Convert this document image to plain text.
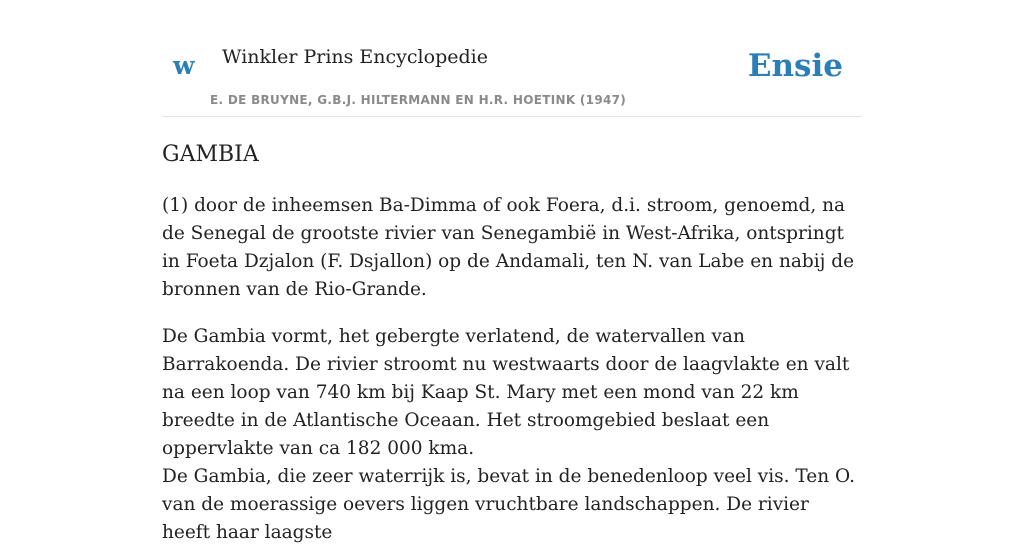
w Winkler Prins Encyclopedie
E. DE BRUYNE, G.B.J. HILTERMANN EN H.R. HOETINK (1947)
Ensie
GAMBIA

(1) door de inheemsen Ba-Dimma of ook Foera, d.i. stroom, genoemd, na de Senegal de grootste rivier van Senegambië in West-Afrika, ontspringt in Foeta Dzjalon (F. Dsjallon) op de Andamali, ten N. van Labe en nabij de bronnen van de Rio-Grande.

De Gambia vormt, het gebergte verlatend, de watervallen van Barrakoenda. De rivier stroomt nu westwaarts door de laagvlakte en valt na een loop van 740 km bij Kaap St. Mary met een mond van 22 km breedte in de Atlantische Oceaan. Het stroomgebied beslaat een oppervlakte van ca 182 000 kma.

De Gambia, die zeer waterrijk is, bevat in de benedenloop veel vis. Ten O. van de moerassige oevers liggen vruchtbare landschappen. De rivier heeft haar laagste
